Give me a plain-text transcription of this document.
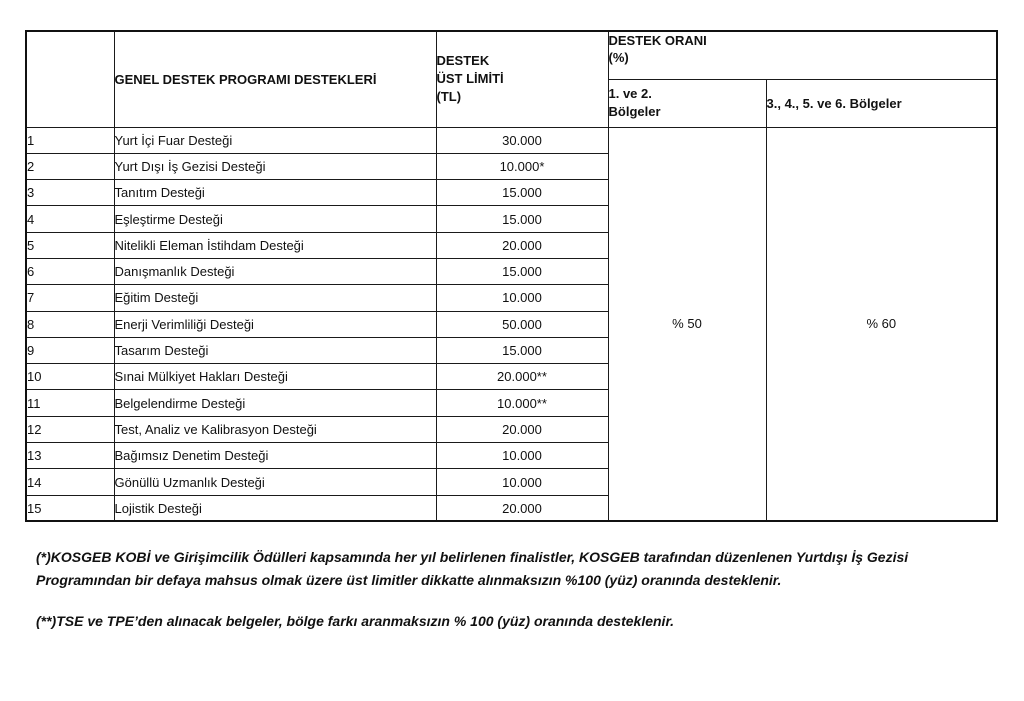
	GENEL DESTEK PROGRAMI DESTEKLERİ	DESTEK
ÜST LİMİTİ
(TL)	DESTEK ORANI
(%)	
			1. ve 2.
Bölgeler	3., 4., 5. ve 6. Bölgeler
1	Yurt İçi Fuar Desteği	30.000	% 50	% 60
2	Yurt Dışı İş Gezisi Desteği	10.000*		
3	Tanıtım Desteği	15.000		
4	Eşleştirme Desteği	15.000		
5	Nitelikli Eleman İstihdam Desteği	20.000		
6	Danışmanlık Desteği	15.000		
7	Eğitim Desteği	10.000		
8	Enerji Verimliliği Desteği	50.000		
9	Tasarım Desteği	15.000		
10	Sınai Mülkiyet Hakları Desteği	20.000**		
11	Belgelendirme Desteği	10.000**		
12	Test, Analiz ve Kalibrasyon Desteği	20.000		
13	Bağımsız Denetim Desteği	10.000		
14	Gönüllü Uzmanlık Desteği	10.000		
15	Lojistik Desteği	20.000		

(*)KOSGEB KOBİ ve Girişimcilik Ödülleri kapsamında her yıl belirlenen finalistler, KOSGEB tarafından düzenlenen Yurtdışı İş Gezisi Programından bir defaya mahsus olmak üzere üst limitler dikkatte alınmaksızın %100 (yüz) oranında desteklenir.

(**)TSE ve TPE’den alınacak belgeler, bölge farkı aranmaksızın % 100 (yüz) oranında desteklenir.
